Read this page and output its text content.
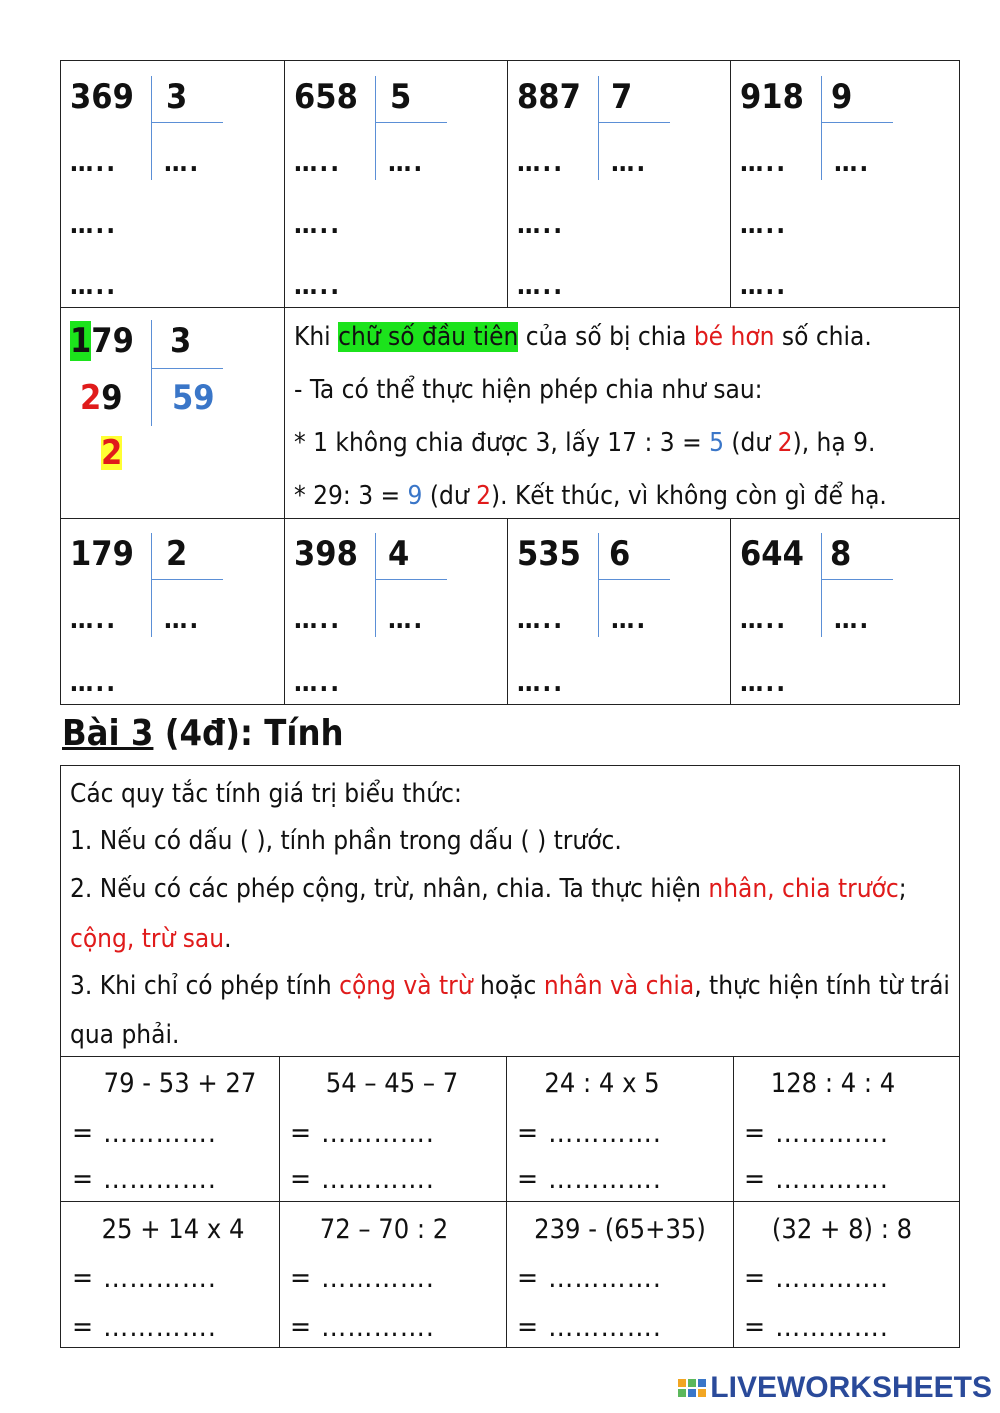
369 3
….. ….
…..
…..
658 5
….. ….
…..
…..
887 7
….. ….
…..
…..
918 9
….. ….
…..
…..
179 3
29 59
2
Khi chữ số đầu tiên của số bị chia bé hơn số chia.
- Ta có thể thực hiện phép chia như sau:
* 1 không chia được 3, lấy 17 : 3 = 5 (dư 2), hạ 9.
* 29: 3 = 9 (dư 2). Kết thúc, vì không còn gì để hạ.
179 2
….. ….
…..
398 4
….. ….
…..
535 6
….. ….
…..
644 8
….. ….
…..
Bài 3 (4đ): Tính
Các quy tắc tính giá trị biểu thức:
1. Nếu có dấu ( ), tính phần trong dấu ( ) trước.
2. Nếu có các phép cộng, trừ, nhân, chia. Ta thực hiện nhân, chia trước;
cộng, trừ sau.
3. Khi chỉ có phép tính cộng và trừ hoặc nhân và chia, thực hiện tính từ trái
qua phải.
79 - 53 + 27
= ………….
= ………….
54 – 45 – 7
= ………….
= ………….
24 : 4 x 5
= ………….
= ………….
128 : 4 : 4
= ………….
= ………….
25 + 14 x 4
= ………….
= ………….
72 – 70 : 2
= ………….
= ………….
239 - (65+35)
= ………….
= ………….
(32 + 8) : 8
= ………….
= ………….
LIVEWORKSHEETS
